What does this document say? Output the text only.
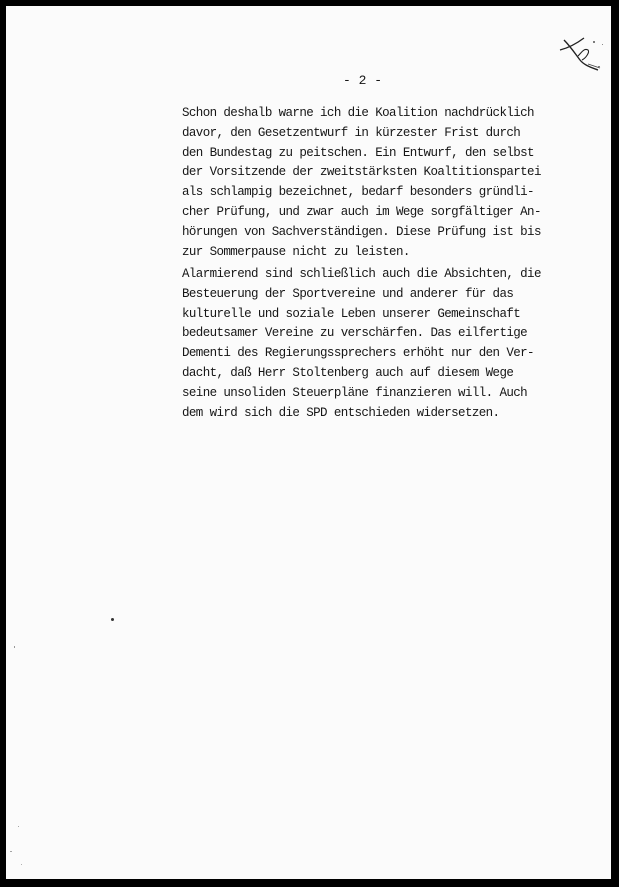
- 2 -
Schon deshalb warne ich die Koalition nachdrücklich
davor, den Gesetzentwurf in kürzester Frist durch
den Bundestag zu peitschen. Ein Entwurf, den selbst
der Vorsitzende der zweitstärksten Koaltitionspartei
als schlampig bezeichnet, bedarf besonders gründli-
cher Prüfung, und zwar auch im Wege sorgfältiger An-
hörungen von Sachverständigen. Diese Prüfung ist bis
zur Sommerpause nicht zu leisten.
Alarmierend sind schließlich auch die Absichten, die
Besteuerung der Sportvereine und anderer für das
kulturelle und soziale Leben unserer Gemeinschaft
bedeutsamer Vereine zu verschärfen. Das eilfertige
Dementi des Regierungssprechers erhöht nur den Ver-
dacht, daß Herr Stoltenberg auch auf diesem Wege
seine unsoliden Steuerpläne finanzieren will. Auch
dem wird sich die SPD entschieden widersetzen.
